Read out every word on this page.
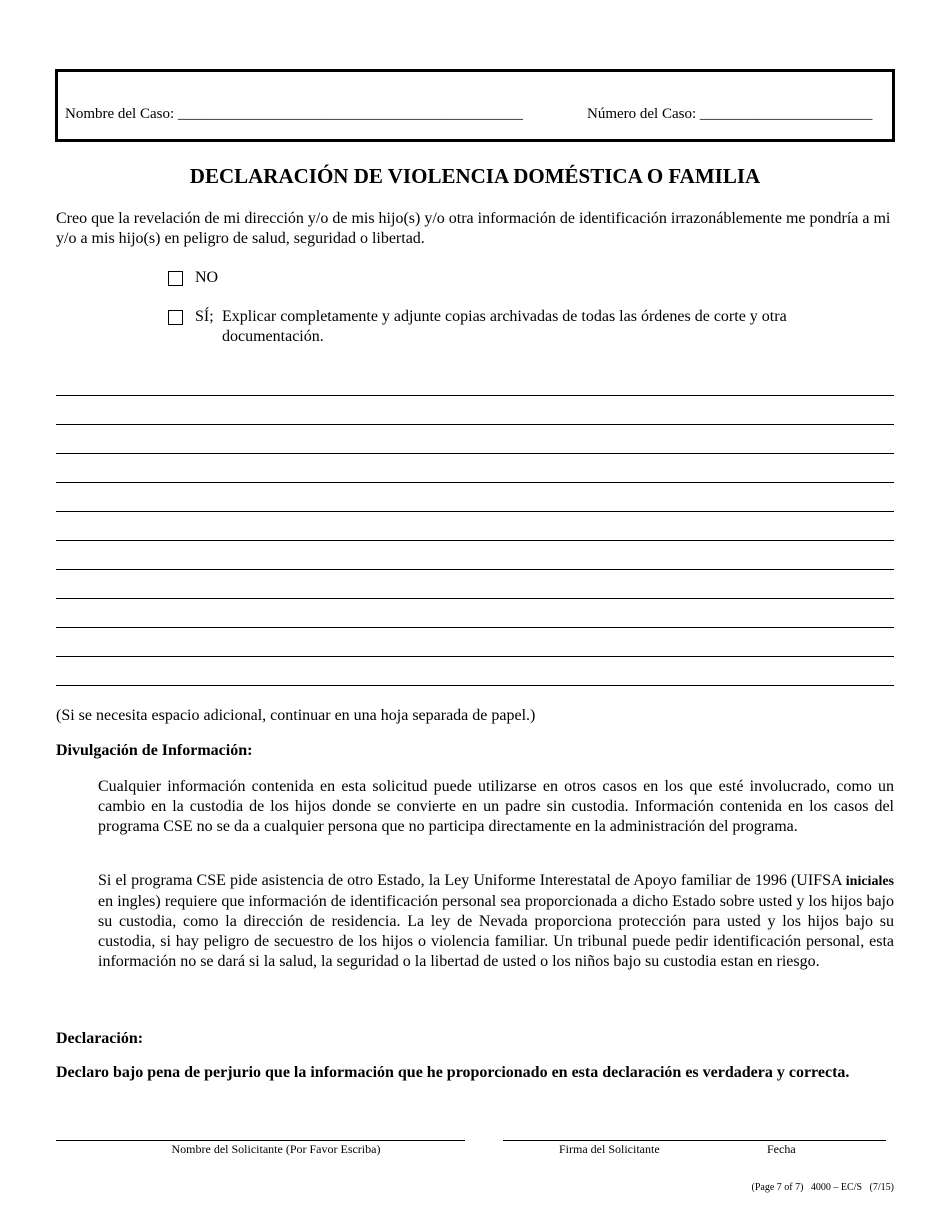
Nombre del Caso: ______________________________________________	Número del Caso: _______________________
DECLARACIÓN DE VIOLENCIA DOMÉSTICA O FAMILIA
Creo que la revelación de mi dirección y/o de mis hijo(s) y/o otra información de identificación irrazonáblemente me pondría a mi y/o a mis hijo(s) en peligro de salud, seguridad o libertad.
NO
SÍ; Explicar completamente y adjunte copias archivadas de todas las órdenes de corte y otra documentación.
(Si se necesita espacio adicional, continuar en una hoja separada de papel.)
Divulgación de Información:
Cualquier información contenida en esta solicitud puede utilizarse en otros casos en los que esté involucrado, como un cambio en la custodia de los hijos donde se convierte en un padre sin custodia. Información contenida en los casos del programa CSE no se da a cualquier persona que no participa directamente en la administración del programa.
Si el programa CSE pide asistencia de otro Estado, la Ley Uniforme Interestatal de Apoyo familiar de 1996 (UIFSA iniciales en ingles) requiere que información de identificación personal sea proporcionada a dicho Estado sobre usted y los hijos bajo su custodia, como la dirección de residencia. La ley de Nevada proporciona protección para usted y los hijos bajo su custodia, si hay peligro de secuestro de los hijos o violencia familiar. Un tribunal puede pedir identificación personal, esta información no se dará si la salud, la seguridad o la libertad de usted o los niños bajo su custodia estan en riesgo.
Declaración:
Declaro bajo pena de perjurio que la información que he proporcionado en esta declaración es verdadera y correcta.
Nombre del Solicitante (Por Favor Escriba)	Firma del Solicitante	Fecha
(Page 7 of 7)   4000 – EC/S   (7/15)
